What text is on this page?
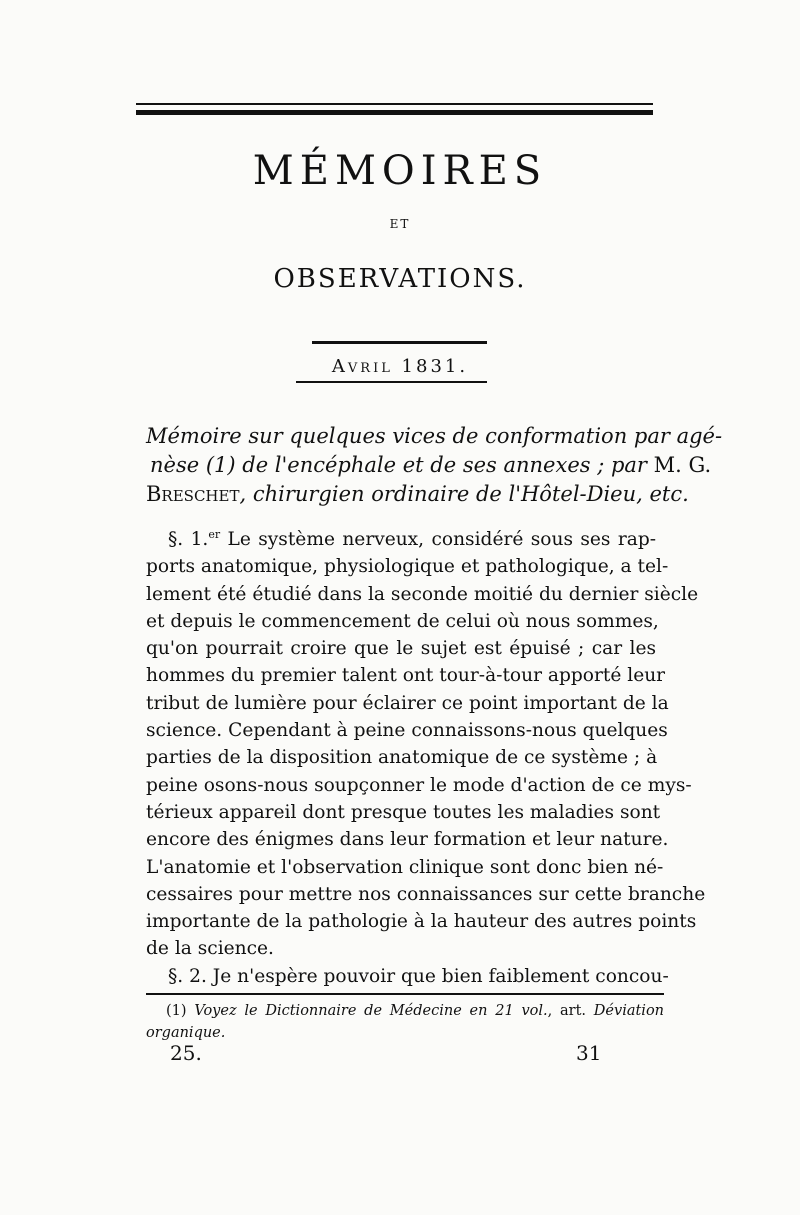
MÉMOIRES
ET
OBSERVATIONS.
Avril 1831.
Mémoire sur quelques vices de conformation par agé-
nèse (1) de l'encéphale et de ses annexes ; par M. G.
Breschet, chirurgien ordinaire de l'Hôtel-Dieu, etc.
§. 1.$^{er}$ Le système nerveux, considéré sous ses rap-
ports anatomique, physiologique et pathologique, a tel-
lement été étudié dans la seconde moitié du dernier siècle
et depuis le commencement de celui où nous sommes,
qu'on pourrait croire que le sujet est épuisé ; car les
hommes du premier talent ont tour-à-tour apporté leur
tribut de lumière pour éclairer ce point important de la
science. Cependant à peine connaissons-nous quelques
parties de la disposition anatomique de ce système ; à
peine osons-nous soupçonner le mode d'action de ce mys-
térieux appareil dont presque toutes les maladies sont
encore des énigmes dans leur formation et leur nature.
L'anatomie et l'observation clinique sont donc bien né-
cessaires pour mettre nos connaissances sur cette branche
importante de la pathologie à la hauteur des autres points
de la science.
§. 2. Je n'espère pouvoir que bien faiblement concou-
(1) Voyez le Dictionnaire de Médecine en 21 vol., art. Déviation
organique.
25.	31
